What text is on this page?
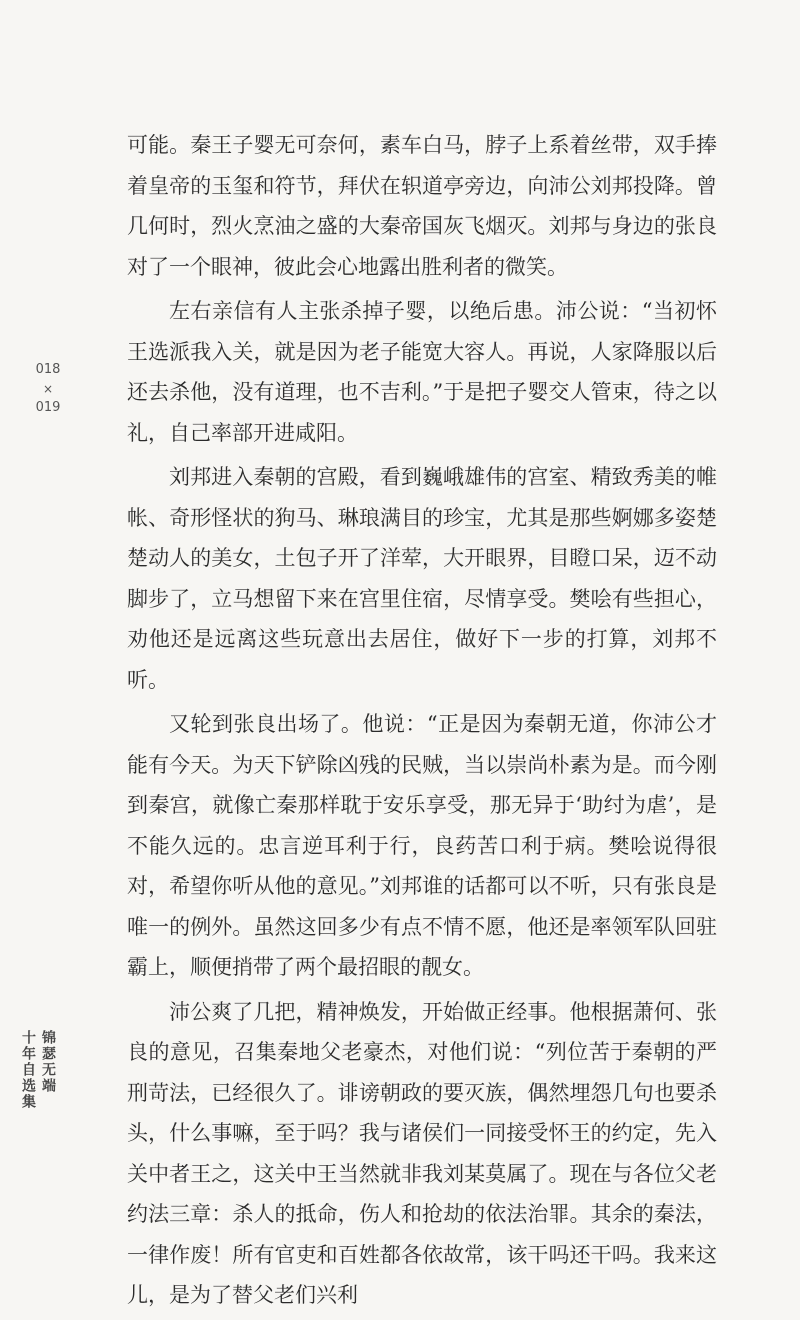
018
×
019
锦瑟无端
十年自选集

可能。秦王子婴无可奈何，素车白马，脖子上系着丝带，双手捧着皇帝的玉玺和符节，拜伏在轵道亭旁边，向沛公刘邦投降。曾几何时，烈火烹油之盛的大秦帝国灰飞烟灭。刘邦与身边的张良对了一个眼神，彼此会心地露出胜利者的微笑。

左右亲信有人主张杀掉子婴，以绝后患。沛公说：“当初怀王选派我入关，就是因为老子能宽大容人。再说，人家降服以后还去杀他，没有道理，也不吉利。”于是把子婴交人管束，待之以礼，自己率部开进咸阳。

刘邦进入秦朝的宫殿，看到巍峨雄伟的宫室、精致秀美的帷帐、奇形怪状的狗马、琳琅满目的珍宝，尤其是那些婀娜多姿楚楚动人的美女，土包子开了洋荤，大开眼界，目瞪口呆，迈不动脚步了，立马想留下来在宫里住宿，尽情享受。樊哙有些担心，劝他还是远离这些玩意出去居住，做好下一步的打算，刘邦不听。

又轮到张良出场了。他说：“正是因为秦朝无道，你沛公才能有今天。为天下铲除凶残的民贼，当以崇尚朴素为是。而今刚到秦宫，就像亡秦那样耽于安乐享受，那无异于‘助纣为虐’，是不能久远的。忠言逆耳利于行，良药苦口利于病。樊哙说得很对，希望你听从他的意见。”刘邦谁的话都可以不听，只有张良是唯一的例外。虽然这回多少有点不情不愿，他还是率领军队回驻霸上，顺便捎带了两个最招眼的靓女。

沛公爽了几把，精神焕发，开始做正经事。他根据萧何、张良的意见，召集秦地父老豪杰，对他们说：“列位苦于秦朝的严刑苛法，已经很久了。诽谤朝政的要灭族，偶然埋怨几句也要杀头，什么事嘛，至于吗？我与诸侯们一同接受怀王的约定，先入关中者王之，这关中王当然就非我刘某莫属了。现在与各位父老约法三章：杀人的抵命，伤人和抢劫的依法治罪。其余的秦法，一律作废！所有官吏和百姓都各依故常，该干吗还干吗。我来这儿，是为了替父老们兴利
